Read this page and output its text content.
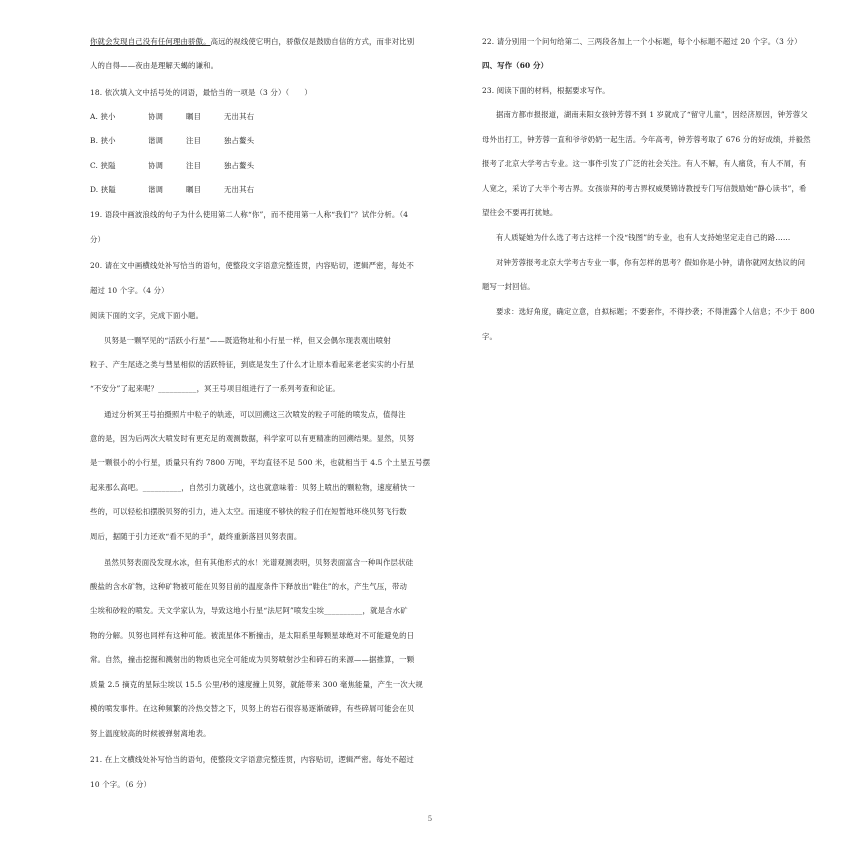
你就会发现自己没有任何理由骄傲。高远的视线使它明白，骄傲仅是鼓励自信的方式，而非对比别
人的自得——夜由是理解天蝎的谦和。
18. 依次填入文中括号处的词语，最恰当的一项是（3 分）（　　）
A. 狭小	协调	瞩目	无出其右
B. 狭小	谐调	注目	独占鳌头
C. 狭隘	协调	注目	独占鳌头
D. 狭隘	谐调	瞩目	无出其右
19. 语段中画波浪线的句子为什么使用第二人称“你”，而不使用第一人称“我们”？试作分析。（4
分）
20. 请在文中画横线处补写恰当的语句，使整段文字语意完整连贯，内容贴切，逻辑严密，每处不
超过 10 个字。（4 分）
阅读下面的文字，完成下面小题。
贝努是一颗罕见的“活跃小行星”——既造物址和小行星一样，但又会偶尔现表观出喷射
粒子、产生尾迹之类与彗星相似的活跃特征，到底是发生了什么才让原本看起来老老实实的小行星
“不安分”了起来呢？__________，冥王号项目组进行了一系列考查和论证。
通过分析冥王号拍摄照片中粒子的轨迹，可以回溯这三次喷发的粒子可能的喷发点，值得注
意的是，因为后两次大喷发时有更充足的观测数据，科学家可以有更精准的回溯结果。显然，贝努
是一颗很小的小行星，质量只有约 7800 万吨，平均直径不足 500 米，也就相当于 4.5 个土星五号摆
起来那么高吧。__________，自然引力就越小，这也就意味着：贝努上喷出的颗粒物，速度稍快一
些的，可以轻松扣摆脱贝努的引力，进入太空。而速度不够快的粒子们在短暂地环绕贝努飞行数
周后，据随于引力还欢“看不见的手”，最终重新落回贝努表面。
虽然贝努表面没发现水冰，但有其他形式的水！光谱观测表明，贝努表面富含一种叫作层状硅
酸盐的含水矿物，这种矿物被可能在贝努目前的温度条件下释放出“鞋住”的水，产生气压，带动
尘埃和砂粒的喷发。天文学家认为，导致这地小行星“法尼阿”喷发尘埃__________，就是含水矿
物的分解。贝努也同样有这种可能。被流星体不断撞击，是太阳系里每颗星球绝对不可能避免的日
常。自然，撞击挖掘和溅射出的物质也完全可能成为贝努喷射沙尘和碎石的来源——据推算，一颗
质量 2.5 摘克的星际尘埃以 15.5 公里/秒的速度撞上贝努，就能带来 300 毫焦能量，产生一次大规
模的喷发事件。在这种频繁的冷热交替之下，贝努上的岩石很容易逐渐破碎，有些碎屑可能会在贝
努上温度较高的时候被弹射离地表。
21. 在上文横线处补写恰当的语句，使整段文字语意完整连贯，内容贴切，逻辑严密。每处不超过
10 个字。（6 分）
22. 请分别用一个问句给第二、三两段各加上一个小标题，每个小标题不超过 20 个字。（3 分）
四、写作（60 分）
23. 阅读下面的材料，根据要求写作。
据南方都市报报道，湖南耒阳女孩钟芳蓉不到 1 岁就成了“留守儿童”，因经济原因，钟芳蓉父
母外出打工，钟芳蓉一直和爷爷奶奶一起生活。今年高考，钟芳蓉考取了 676 分的好成绩，并毅然
报考了北京大学考古专业。这一事件引发了广泛的社会关注。有人不解，有人痛货，有人不屑，有
人宽之，采访了大半个考古界。女孩崇拜的考古界权威樊锦诗教授专门写信鼓励她“静心读书”，希
望往会不要再打扰她。
有人质疑她为什么选了考古这样一个没“钱图”的专业，也有人支持她坚定走自己的路……
对钟芳蓉报考北京大学考古专业一事，你有怎样的思考？假如你是小钟，请你就网友热议的问
题写一封回信。
要求：选好角度，确定立意，自拟标题；不要套作，不得抄袭；不得泄露个人信息；不少于 800
字。
5
